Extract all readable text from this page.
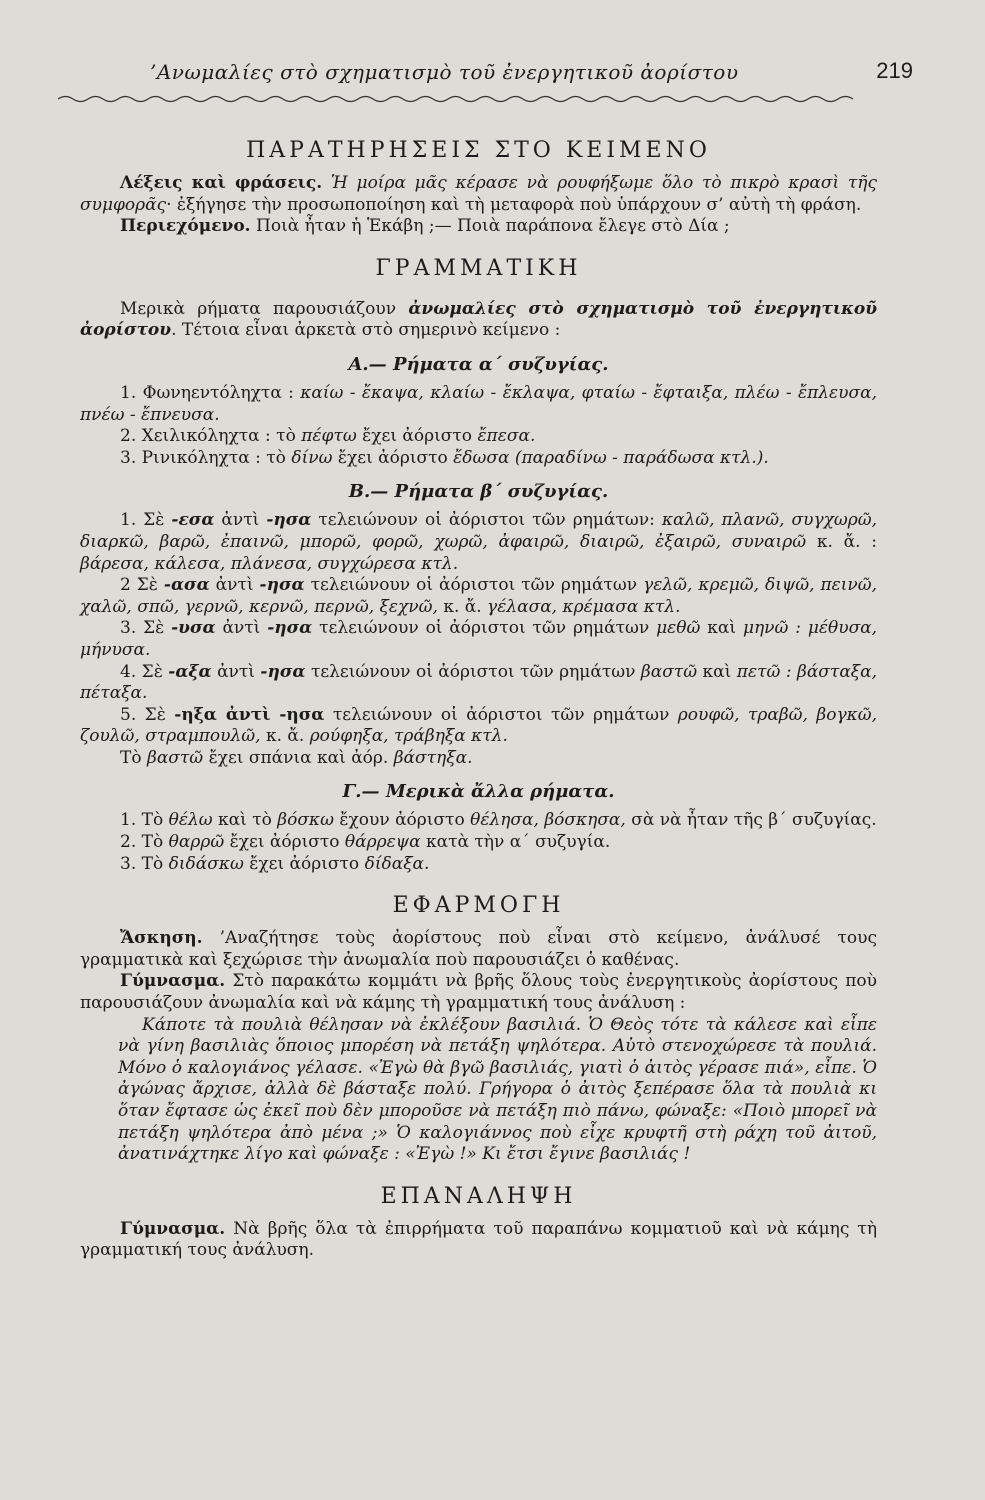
’Ανωμαλίες στὸ σχηματισμὸ τοῦ ἐνεργητικοῦ ἀορίστου	219
ΠΑΡΑΤΗΡΗΣΕΙΣ ΣΤΟ ΚΕΙΜΕΝΟ

Λέξεις καὶ φράσεις. Ἡ μοίρα μᾶς κέρασε νὰ ρουφήξωμε ὅλο τὸ πικρὸ κρασὶ τῆς συμφορᾶς· ἐξήγησε τὴν προσωποποίηση καὶ τὴ μεταφορὰ ποὺ ὑπάρχουν σ’ αὐτὴ τὴ φράση.

Περιεχόμενο. Ποιὰ ἦταν ἡ Ἑκάβη ;— Ποιὰ παράπονα ἔλεγε στὸ Δία ;

ΓΡΑΜΜΑΤΙΚΗ

Μερικὰ ρήματα παρουσιάζουν ἀνωμαλίες στὸ σχηματισμὸ τοῦ ἐνεργητικοῦ ἀορίστου. Τέτοια εἶναι ἀρκετὰ στὸ σημερινὸ κείμενο :

Α.— Ρήματα α΄ συζυγίας.

1. Φωνηεντόληχτα : καίω - ἔκαψα, κλαίω - ἔκλαψα, φταίω - ἔφταιξα, πλέω - ἔπλευσα, πνέω - ἔπνευσα.

2. Χειλικόληχτα : τὸ πέφτω ἔχει ἀόριστο ἔπεσα.

3. Ρινικόληχτα : τὸ δίνω ἔχει ἀόριστο ἔδωσα (παραδίνω - παράδωσα κτλ.).

Β.— Ρήματα β΄ συζυγίας.

1. Σὲ -εσα ἀντὶ -ησα τελειώνουν οἱ ἀόριστοι τῶν ρημάτων: καλῶ, πλανῶ, συγχωρῶ, διαρκῶ, βαρῶ, ἐπαινῶ, μπορῶ, φορῶ, χωρῶ, ἀφαιρῶ, διαιρῶ, ἐξαιρῶ, συναιρῶ κ. ἄ. : βάρεσα, κάλεσα, πλάνεσα, συγχώρεσα κτλ.

2 Σὲ -ασα ἀντὶ -ησα τελειώνουν οἱ ἀόριστοι τῶν ρημάτων γελῶ, κρεμῶ, διψῶ, πεινῶ, χαλῶ, σπῶ, γερνῶ, κερνῶ, περνῶ, ξεχνῶ, κ. ἄ. γέλασα, κρέμασα κτλ.

3. Σὲ -υσα ἀντὶ -ησα τελειώνουν οἱ ἀόριστοι τῶν ρημάτων μεθῶ καὶ μηνῶ : μέθυσα, μήνυσα.

4. Σὲ -αξα ἀντὶ -ησα τελειώνουν οἱ ἀόριστοι τῶν ρημάτων βαστῶ καὶ πετῶ : βάσταξα, πέταξα.

5. Σὲ -ηξα ἀντὶ -ησα τελειώνουν οἱ ἀόριστοι τῶν ρημάτων ρουφῶ, τραβῶ, βογκῶ, ζουλῶ, στραμπουλῶ, κ. ἄ. ρούφηξα, τράβηξα κτλ.

Τὸ βαστῶ ἔχει σπάνια καὶ ἀόρ. βάστηξα.

Γ.— Μερικὰ ἄλλα ρήματα.

1. Τὸ θέλω καὶ τὸ βόσκω ἔχουν ἀόριστο θέλησα, βόσκησα, σὰ νὰ ἦταν τῆς β΄ συζυγίας.

2. Τὸ θαρρῶ ἔχει ἀόριστο θάρρεψα κατὰ τὴν α΄ συζυγία.

3. Τὸ διδάσκω ἔχει ἀόριστο δίδαξα.

ΕΦΑΡΜΟΓΗ

Ἄσκηση. ’Αναζήτησε τοὺς ἀορίστους ποὺ εἶναι στὸ κείμενο, ἀνάλυσέ τους γραμματικὰ καὶ ξεχώρισε τὴν ἀνωμαλία ποὺ παρουσιάζει ὁ καθένας.

Γύμνασμα. Στὸ παρακάτω κομμάτι νὰ βρῆς ὅλους τοὺς ἐνεργητικοὺς ἀορίστους ποὺ παρουσιάζουν ἀνωμαλία καὶ νὰ κάμης τὴ γραμματική τους ἀνάλυση :

Κάποτε τὰ πουλιὰ θέλησαν νὰ ἐκλέξουν βασιλιά. Ὁ Θεὸς τότε τὰ κάλεσε καὶ εἶπε νὰ γίνη βασιλιὰς ὅποιος μπορέση νὰ πετάξη ψηλότερα. Αὐτὸ στενοχώρεσε τὰ πουλιά. Μόνο ὁ καλογιάνος γέλασε. «Ἐγὼ θὰ βγῶ βασιλιάς, γιατὶ ὁ ἀιτὸς γέρασε πιά», εἶπε. Ὁ ἀγώνας ἄρχισε, ἀλλὰ δὲ βάσταξε πολύ. Γρήγορα ὁ ἀιτὸς ξεπέρασε ὅλα τὰ πουλιὰ κι ὅταν ἔφτασε ὡς ἐκεῖ ποὺ δὲν μποροῦσε νὰ πετάξη πιὸ πάνω, φώναξε: «Ποιὸ μπορεῖ νὰ πετάξη ψηλότερα ἀπὸ μένα ;» Ὁ καλογιάννος ποὺ εἶχε κρυφτῆ στὴ ράχη τοῦ ἀιτοῦ, ἀνατινάχτηκε λίγο καὶ φώναξε : «Ἐγὼ !» Κι ἔτσι ἔγινε βασιλιάς !

ΕΠΑΝΑΛΗΨΗ

Γύμνασμα. Νὰ βρῆς ὅλα τὰ ἐπιρρήματα τοῦ παραπάνω κομματιοῦ καὶ νὰ κάμης τὴ γραμματική τους ἀνάλυση.
